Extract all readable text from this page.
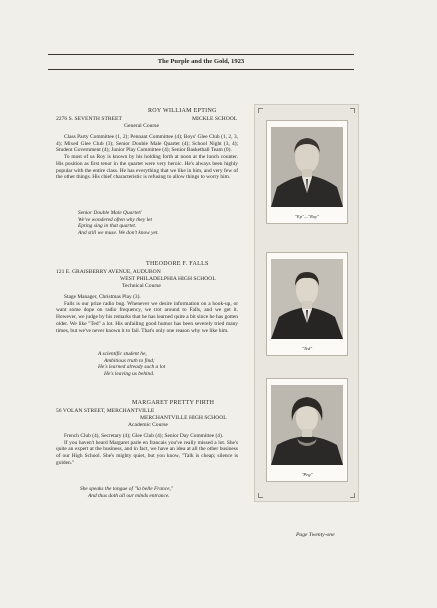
The Purple and the Gold, 1923
ROY WILLIAM EPTING
2276 S. SEVENTH STREET	MICKLE SCHOOL
General Course

Class Party Committee (1, 2); Pennant Committee (4); Boys' Glee Club (1, 2, 3, 4); Mixed Glee Club (3); Senior Double Male Quartet (4); School Night (3, 4); Student Government (4); Junior Play Committee (4); Senior Basketball Team (0).

To most of us Roy is known by his holding forth at noon at the lunch counter. His position as first tenor in the quartet were very heroic. He's always been highly popular with the entire class. He has everything that we like in him, and very few of the other things. His chief characteristic is refusing to allow things to worry him.

Senior Double Male Quartet!
We've wondered often why they let
Epting sing in that quartet.
And still we muse. We don't know yet.
THEODORE F. FALLS
121 E. GRAISBERRY AVENUE, AUDUBON
WEST PHILADELPHIA HIGH SCHOOL
Technical Course

Stage Manager, Christmas Play (3).

Falls is our prize radio bug. Whenever we desire information on a hook-up, or want some dope on radio frequency, we trot around to Falls, and we get it. However, we judge by his remarks that he has learned quite a bit since he has gotten older. We like "Ted" a lot. His unfailing good humor has been severely tried many times, but we've never known it to fail. That's only one reason why we like him.

A scientific student he,
Ambitious truth to find;
He's learned already such a lot
He's leaving us behind.
MARGARET PRETTY FIRTH
56 VOLAN STREET, MERCHANTVILLE
MERCHANTVILLE HIGH SCHOOL
Academic Course

French Club (4), Secretary (4); Glee Club (4); Senior Day Committee (4).

If you haven't heard Margaret parle en francais you've really missed a lot. She's quite an expert at the business, and in fact, we have an idea at all the other business of our High School. She's mighty quiet, but you know, "Talk is cheap; silence is golden."

She speaks the tongue of "la belle France,"
And thus doth all our minds entrance.
"Ep"—"Roy"
"Ted"
"Peg"
Page Twenty-one
